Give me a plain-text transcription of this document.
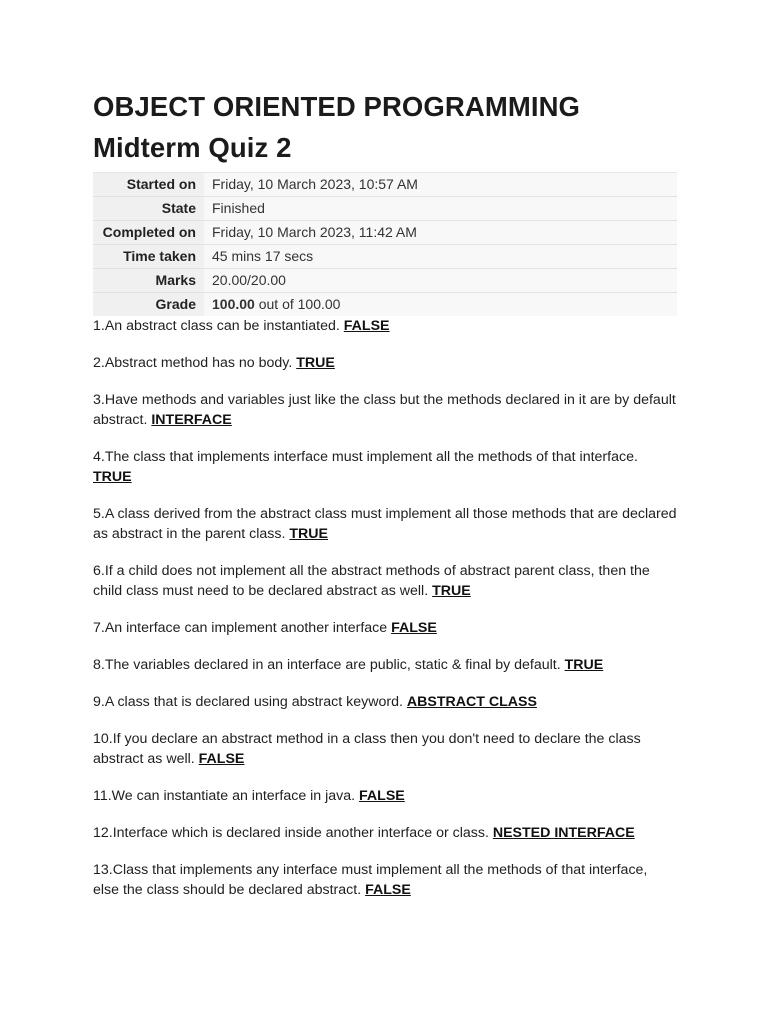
OBJECT ORIENTED PROGRAMMING
Midterm Quiz 2
Started on	Friday, 10 March 2023, 10:57 AM
State	Finished
Completed on	Friday, 10 March 2023, 11:42 AM
Time taken	45 mins 17 secs
Marks	20.00/20.00
Grade	100.00 out of 100.00

1.An abstract class can be instantiated. FALSE

2.Abstract method has no body. TRUE

3.Have methods and variables just like the class but the methods declared in it are by default abstract. INTERFACE

4.The class that implements interface must implement all the methods of that interface. TRUE

5.A class derived from the abstract class must implement all those methods that are declared as abstract in the parent class. TRUE

6.If a child does not implement all the abstract methods of abstract parent class, then the child class must need to be declared abstract as well. TRUE

7.An interface can implement another interface FALSE

8.The variables declared in an interface are public, static & final by default. TRUE

9.A class that is declared using abstract keyword. ABSTRACT CLASS

10.If you declare an abstract method in a class then you don't need to declare the class abstract as well. FALSE

11.We can instantiate an interface in java. FALSE

12.Interface which is declared inside another interface or class. NESTED INTERFACE

13.Class that implements any interface must implement all the methods of that interface, else the class should be declared abstract. FALSE
